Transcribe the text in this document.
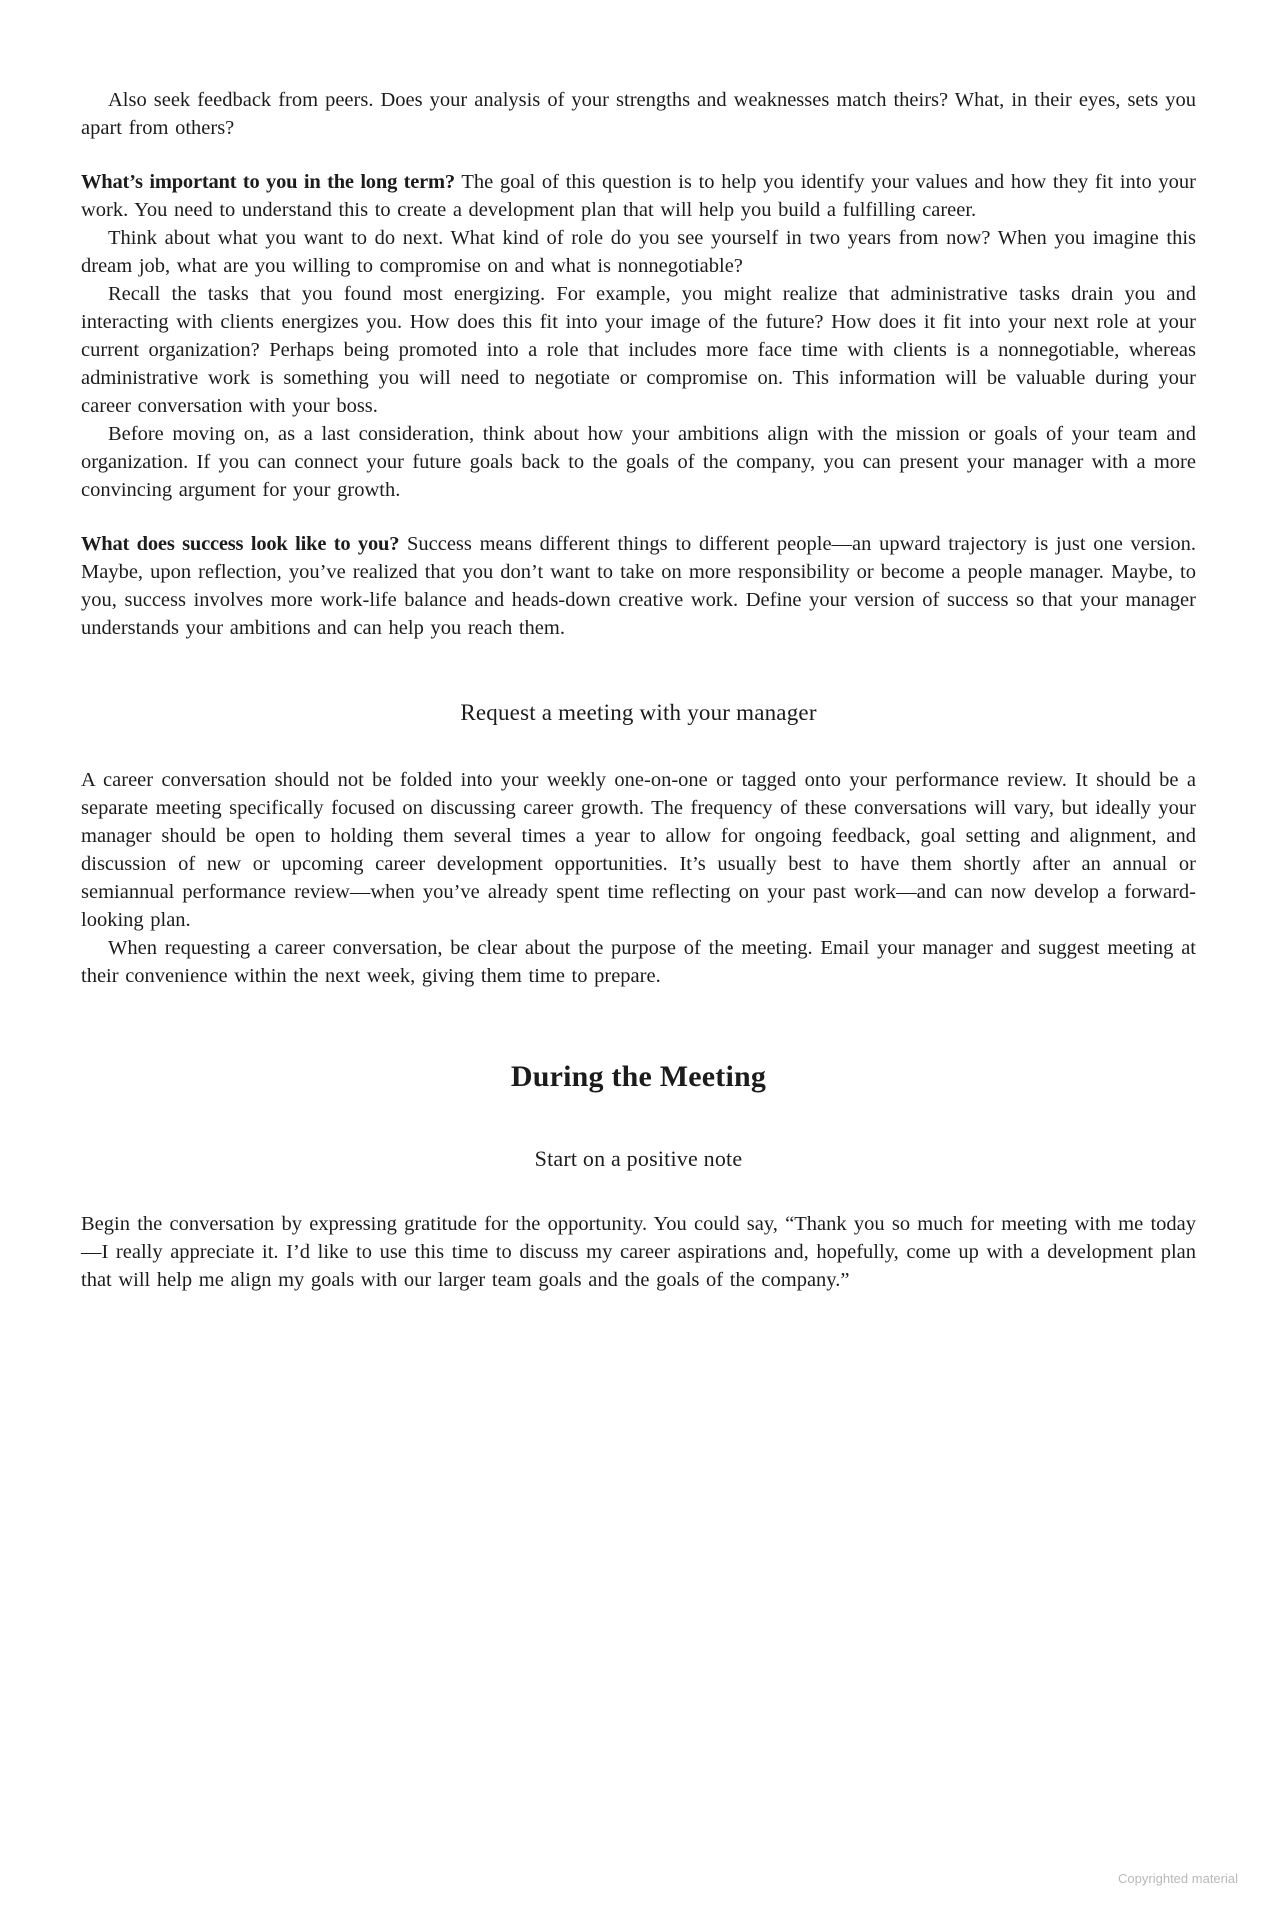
Also seek feedback from peers. Does your analysis of your strengths and weaknesses match theirs? What, in their eyes, sets you apart from others?

What’s important to you in the long term? The goal of this question is to help you identify your values and how they fit into your work. You need to understand this to create a development plan that will help you build a fulfilling career.

Think about what you want to do next. What kind of role do you see yourself in two years from now? When you imagine this dream job, what are you willing to compromise on and what is nonnegotiable?

Recall the tasks that you found most energizing. For example, you might realize that administrative tasks drain you and interacting with clients energizes you. How does this fit into your image of the future? How does it fit into your next role at your current organization? Perhaps being promoted into a role that includes more face time with clients is a nonnegotiable, whereas administrative work is something you will need to negotiate or compromise on. This information will be valuable during your career conversation with your boss.

Before moving on, as a last consideration, think about how your ambitions align with the mission or goals of your team and organization. If you can connect your future goals back to the goals of the company, you can present your manager with a more convincing argument for your growth.

What does success look like to you? Success means different things to different people—an upward trajectory is just one version. Maybe, upon reflection, you’ve realized that you don’t want to take on more responsibility or become a people manager. Maybe, to you, success involves more work-life balance and heads-down creative work. Define your version of success so that your manager understands your ambitions and can help you reach them.

Request a meeting with your manager

A career conversation should not be folded into your weekly one-on-one or tagged onto your performance review. It should be a separate meeting specifically focused on discussing career growth. The frequency of these conversations will vary, but ideally your manager should be open to holding them several times a year to allow for ongoing feedback, goal setting and alignment, and discussion of new or upcoming career development opportunities. It’s usually best to have them shortly after an annual or semiannual performance review—when you’ve already spent time reflecting on your past work—and can now develop a forward-looking plan.

When requesting a career conversation, be clear about the purpose of the meeting. Email your manager and suggest meeting at their convenience within the next week, giving them time to prepare.

During the Meeting
Start on a positive note

Begin the conversation by expressing gratitude for the opportunity. You could say, “Thank you so much for meeting with me today—I really appreciate it. I’d like to use this time to discuss my career aspirations and, hopefully, come up with a development plan that will help me align my goals with our larger team goals and the goals of the company.”

Copyrighted material
